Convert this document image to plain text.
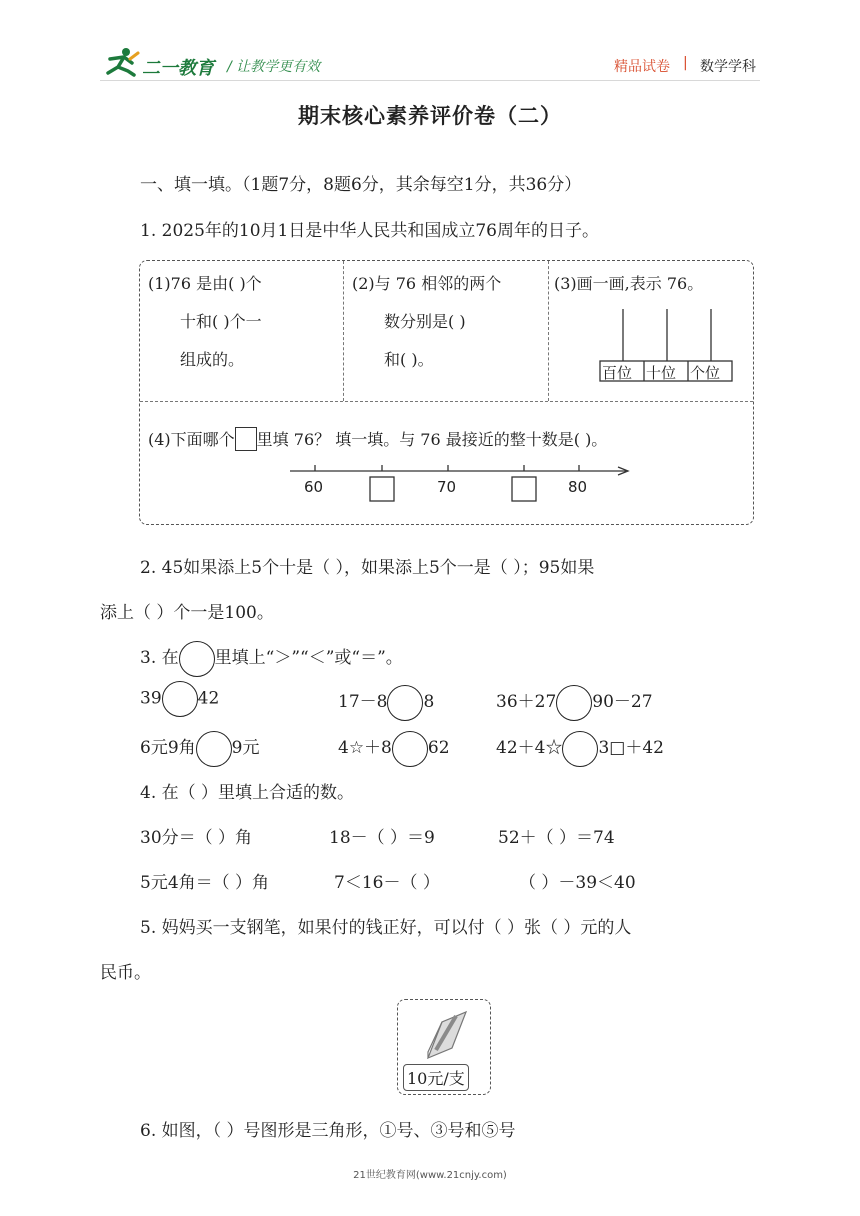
二一教育 / 让教学更有效	精品试卷 | 数学学科
期末核心素养评价卷（二）
一、填一填。（1题7分，8题6分，其余每空1分，共36分）
1. 2025年的10月1日是中华人民共和国成立76周年的日子。
(1)76 是由( )个
十和( )个一
组成的。
(2)与 76 相邻的两个
数分别是( )
和( )。
(3)画一画,表示 76。
百位 十位 个位
(4)下面哪个 里填 76？ 填一填。与 76 最接近的整十数是( )。
60	70	80
2. 45如果添上5个十是（ ），如果添上5个一是（ ）；95如果
添上（ ）个一是100。
3. 在 里填上“＞”“＜”或“＝”。
39 42	17－8 8	36＋27 90－27
6元9角 9元	4☆＋8 62	42＋4☆ 3□＋42
4. 在（ ）里填上合适的数。
30分＝（ ）角	18－（ ）＝9	52＋（ ）＝74
5元4角＝（ ）角	7＜16－（ ）	（ ）－39＜40
5. 妈妈买一支钢笔，如果付的钱正好，可以付（ ）张（ ）元的人
民币。
10元/支
6. 如图，（ ）号图形是三角形，①号、③号和⑤号
21世纪教育网(www.21cnjy.com)
